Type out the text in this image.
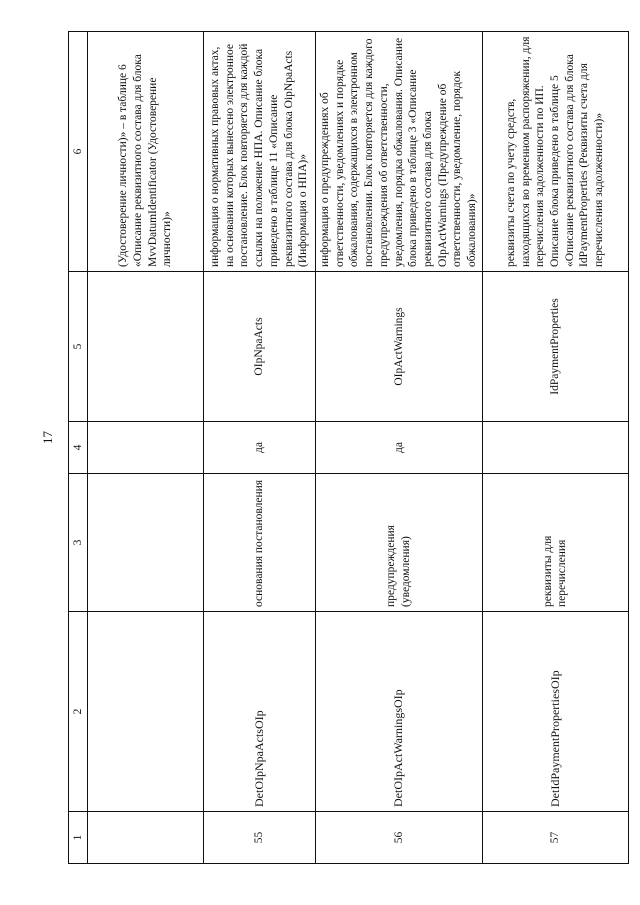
17
1	2	3	4	5	6
					(Удостоверение личности)» – в таблице 6 «Описание реквизитного состава для блока MvvDatumIdentificator (Удостоверение личности)»
55	DetOIpNpaActsOIp	основания постановления	да	OIpNpaActs	информация о нормативных правовых актах, на основании которых вынесено электронное постановление. Блок повторяется для каждой ссылки на положение НПА. Описание блока приведено в таблице 11 «Описание реквизитного состава для блока OipNpaActs (Информация о НПА)»
56	DetOIpActWarningsOIp	предупреждения (уведомления)	да	OIpActWarnings	информация о предупреждениях об ответственности, уведомлениях и порядке обжалования, содержащихся в электронном постановлении. Блок повторяется для каждого предупреждения об ответственности, уведомления, порядка обжалования. Описание блока приведено в таблице 3 «Описание реквизитного состава для блока OIpActWarnings (Предупреждение об ответственности, уведомление, порядок обжалования)»
57	DetIdPaymentPropertiesOIp	реквизиты для перечисления		IdPaymentProperties	реквизиты счета по учету средств, находящихся во временном распоряжении, для перечисления задолженности по ИП. Описание блока приведено в таблице 5 «Описание реквизитного состава для блока IdPaymentProperties (Реквизиты счета для перечисления задолженности)»
